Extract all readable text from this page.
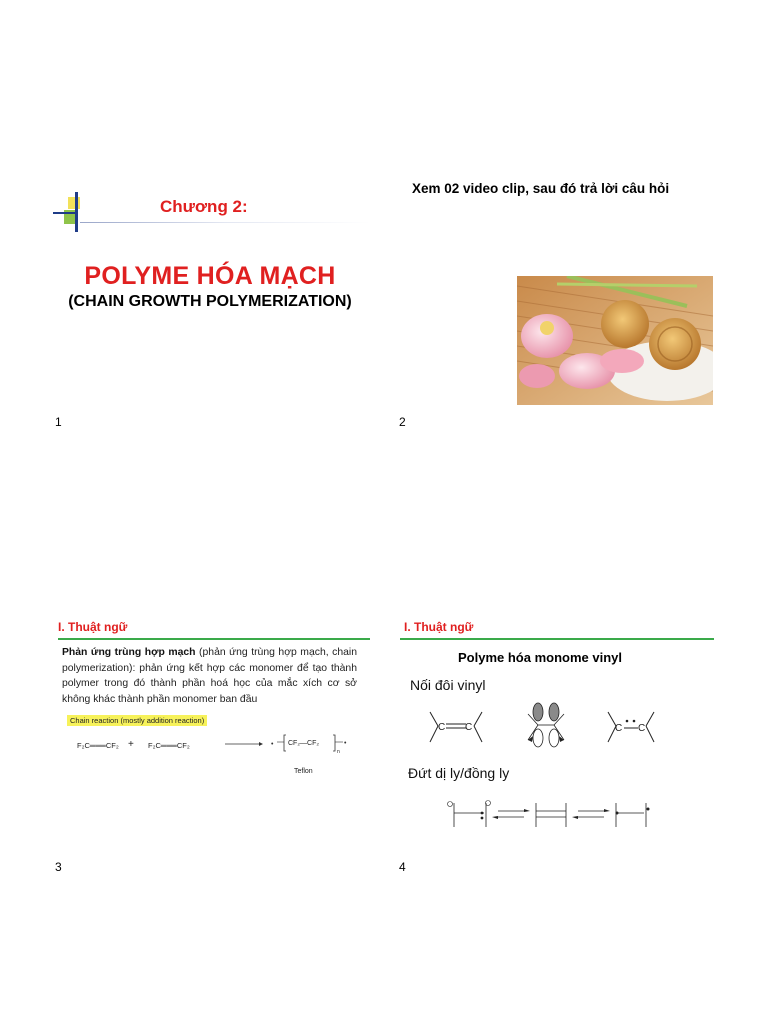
Chương 2:
POLYME HÓA MẠCH
(CHAIN GROWTH POLYMERIZATION)
1
Xem 02 video clip, sau đó trả lời câu hỏi
2
I. Thuật ngữ
Phản ứng trùng hợp mạch (phản ứng trùng hợp mạch, chain polymerization): phản ứng kết hợp các monomer để tạo thành polymer trong đó thành phần hoá học của mắc xích cơ sở không khác thành phần monomer ban đầu
Chain reaction (mostly addition reaction)
F₂C═══CF₂ + F₂C═══CF₂ → •	•
CF₂—CF₂
n
Teflon
3
I. Thuật ngữ
Polyme hóa monome vinyl
Nối đôi vinyl
C C	C C
Đứt dị ly/đồng ly
4
